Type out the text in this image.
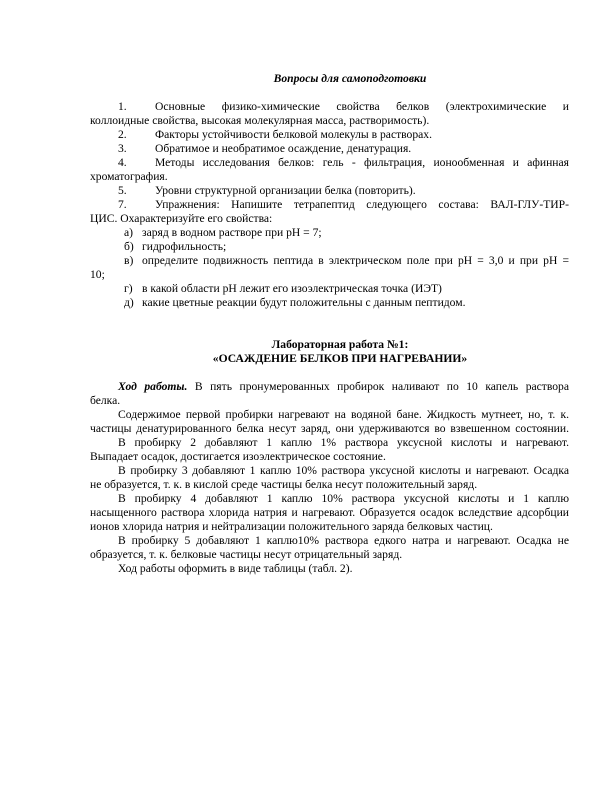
Вопросы для самоподготовки
1. Основные физико-химические свойства белков (электрохимические и
коллоидные свойства, высокая молекулярная масса, растворимость).
2. Факторы устойчивости белковой молекулы в растворах.
3. Обратимое и необратимое осаждение, денатурация.
4. Методы исследования белков: гель - фильтрация, ионообменная и афинная
хроматография.
5. Уровни структурной организации белка (повторить).
7. Упражнения: Напишите тетрапептид следующего состава: ВАЛ-ГЛУ-ТИР-
ЦИС. Охарактеризуйте его свойства:
а) заряд в водном растворе при рН = 7;
б) гидрофильность;
в) определите подвижность пептида в электрическом поле при рН = 3,0 и при рН =
10;
г) в какой области рН лежит его изоэлектрическая точка (ИЭТ)
д) какие цветные реакции будут положительны с данным пептидом.
Лабораторная работа №1:
«ОСАЖДЕНИЕ БЕЛКОВ ПРИ НАГРЕВАНИИ»
Ход работы. В пять пронумерованных пробирок наливают по 10 капель раствора
белка.
Содержимое первой пробирки нагревают на водяной бане. Жидкость мутнеет, но, т. к.
частицы денатурированного белка несут заряд, они удерживаются во взвешенном состоянии.
В пробирку 2 добавляют 1 каплю 1% раствора уксусной кислоты и нагревают.
Выпадает осадок, достигается изоэлектрическое состояние.
В пробирку 3 добавляют 1 каплю 10% раствора уксусной кислоты и нагревают. Осадка
не образуется, т. к. в кислой среде частицы белка несут положительный заряд.
В пробирку 4 добавляют 1 каплю 10% раствора уксусной кислоты и 1 каплю
насыщенного раствора хлорида натрия и нагревают. Образуется осадок вследствие адсорбции
ионов хлорида натрия и нейтрализации положительного заряда белковых частиц.
В пробирку 5 добавляют 1 каплю10% раствора едкого натра и нагревают. Осадка не
образуется, т. к. белковые частицы несут отрицательный заряд.
Ход работы оформить в виде таблицы (табл. 2).
